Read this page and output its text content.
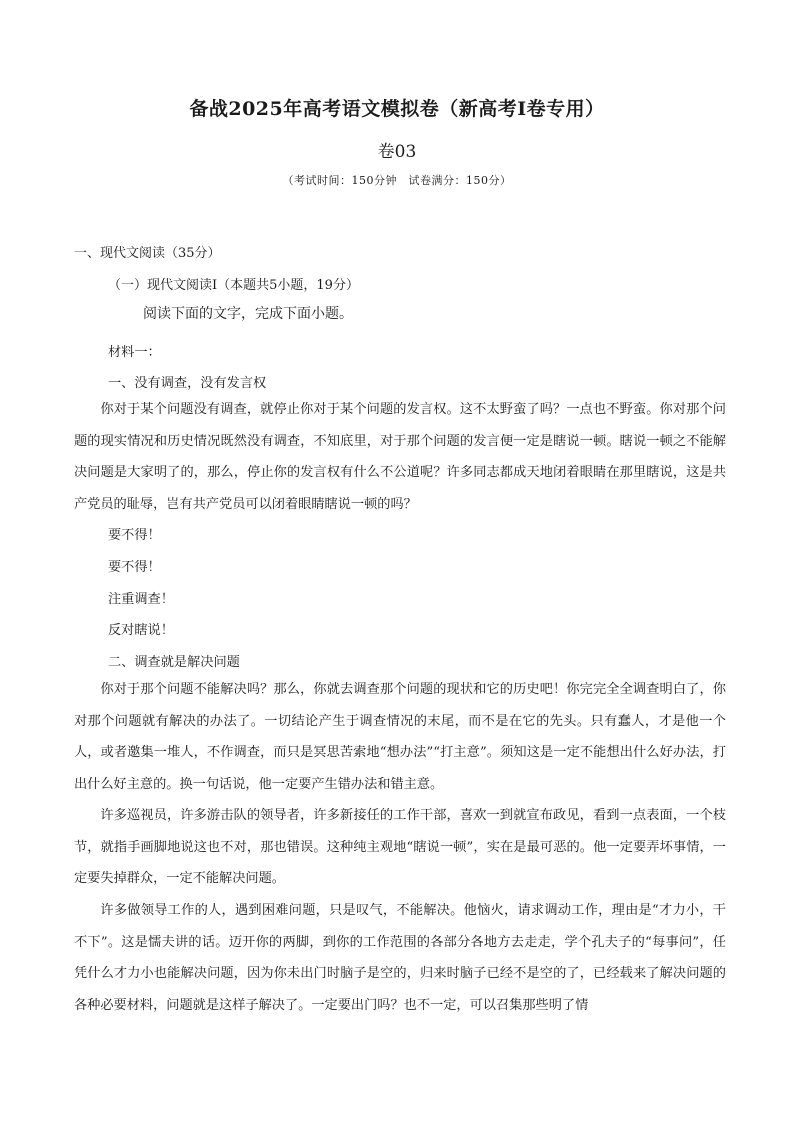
备战2025年高考语文模拟卷（新高考Ⅰ卷专用）
卷03
（考试时间：150分钟　试卷满分：150分）
一、现代文阅读（35分）
（一）现代文阅读Ⅰ（本题共5小题，19分）
阅读下面的文字，完成下面小题。
材料一：
一、没有调查，没有发言权
你对于某个问题没有调查，就停止你对于某个问题的发言权。这不太野蛮了吗？一点也不野蛮。你对那个问题的现实情况和历史情况既然没有调查，不知底里，对于那个问题的发言便一定是瞎说一顿。瞎说一顿之不能解决问题是大家明了的，那么，停止你的发言权有什么不公道呢？许多同志都成天地闭着眼睛在那里瞎说，这是共产党员的耻辱，岂有共产党员可以闭着眼睛瞎说一顿的吗？
要不得！
要不得！
注重调查！
反对瞎说！
二、调查就是解决问题
你对于那个问题不能解决吗？那么，你就去调查那个问题的现状和它的历史吧！你完完全全调查明白了，你对那个问题就有解决的办法了。一切结论产生于调查情况的末尾，而不是在它的先头。只有蠢人，才是他一个人，或者邀集一堆人，不作调查，而只是冥思苦索地“想办法”“打主意”。须知这是一定不能想出什么好办法，打出什么好主意的。换一句话说，他一定要产生错办法和错主意。
许多巡视员，许多游击队的领导者，许多新接任的工作干部，喜欢一到就宣布政见，看到一点表面，一个枝节，就指手画脚地说这也不对，那也错误。这种纯主观地“瞎说一顿”，实在是最可恶的。他一定要弄坏事情，一定要失掉群众，一定不能解决问题。
许多做领导工作的人，遇到困难问题，只是叹气，不能解决。他恼火，请求调动工作，理由是“才力小，干不下”。这是懦夫讲的话。迈开你的两脚，到你的工作范围的各部分各地方去走走，学个孔夫子的“每事问”，任凭什么才力小也能解决问题，因为你未出门时脑子是空的，归来时脑子已经不是空的了，已经载来了解决问题的各种必要材料，问题就是这样子解决了。一定要出门吗？也不一定，可以召集那些明了情
